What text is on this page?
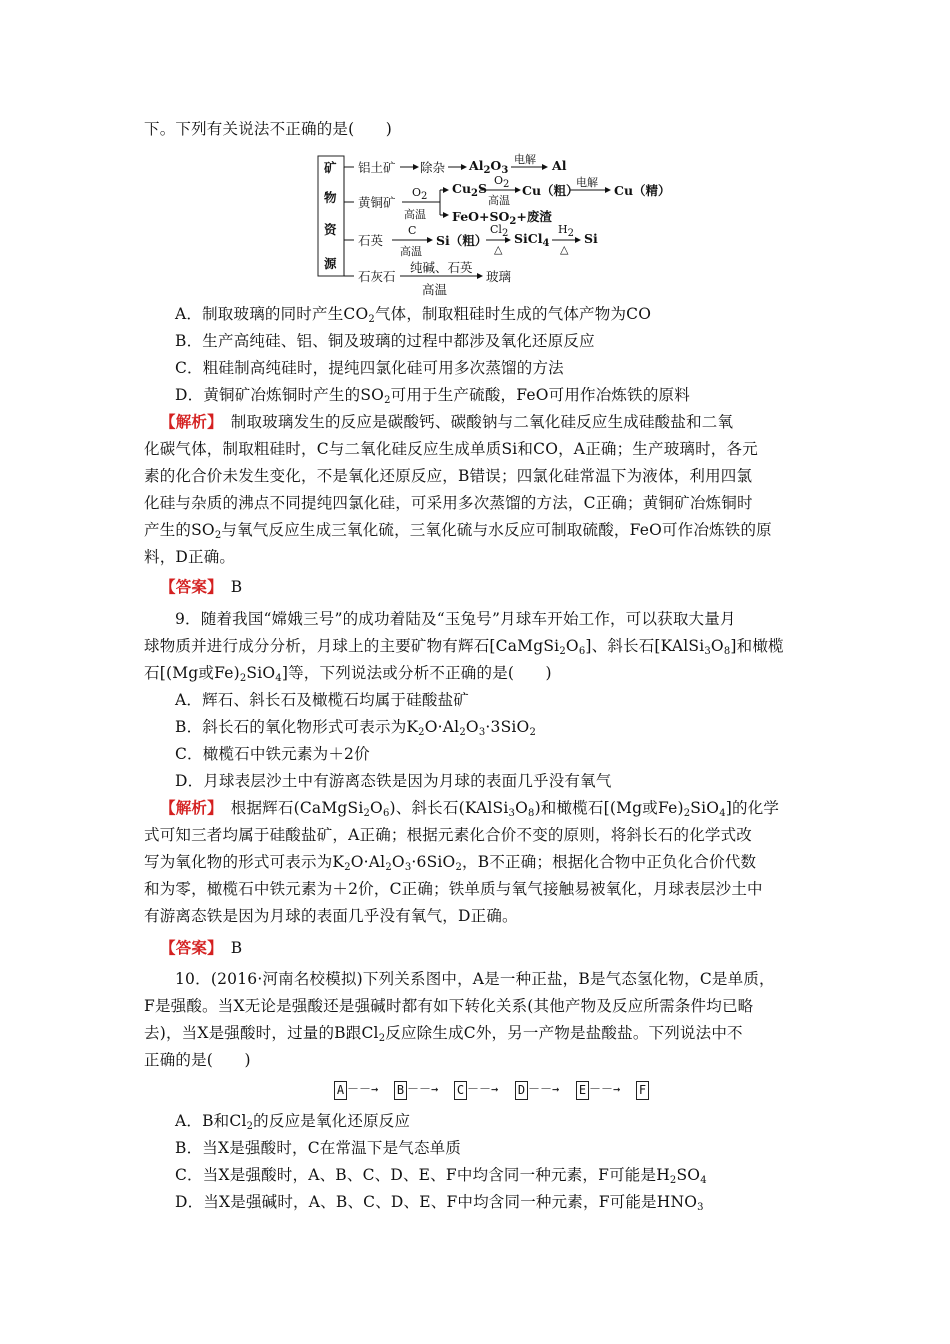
下。下列有关说法不正确的是(　　)
矿
物
资
源
铝土矿 除杂 $Al_2O_3$
电解 Al
黄铜矿
$O_2$
高温
$Cu_2S$
$O_2$
高温
Cu（粗）
电解
Cu（精）
$FeO+SO_2+$废渣
石英
C
高温
Si（粗）
$Cl_2$
△
SiCl$_4$
$H_2$
△
Si
石灰石
纯碱、石英
高温
玻璃
A．制取玻璃的同时产生$CO_2$气体，制取粗硅时生成的气体产物为CO
B．生产高纯硅、铝、铜及玻璃的过程中都涉及氧化还原反应
C．粗硅制高纯硅时，提纯四氯化硅可用多次蒸馏的方法
D．黄铜矿冶炼铜时产生的$SO_2$可用于生产硫酸，FeO可用作冶炼铁的原料
【解析】　 制取玻璃发生的反应是碳酸钙、碳酸钠与二氧化硅反应生成硅酸盐和二氧
化碳气体，制取粗硅时，C与二氧化硅反应生成单质Si和CO，A正确；生产玻璃时，各元
素的化合价未发生变化，不是氧化还原反应，B错误；四氯化硅常温下为液体，利用四氯
化硅与杂质的沸点不同提纯四氯化硅，可采用多次蒸馏的方法，C正确；黄铜矿冶炼铜时
产生的$SO_2$与氧气反应生成三氧化硫，三氧化硫与水反应可制取硫酸，FeO可作冶炼铁的原
料，D正确。
【答案】　 B
9．随着我国“嫦娥三号”的成功着陆及“玉兔号”月球车开始工作，可以获取大量月
球物质并进行成分分析，月球上的主要矿物有辉石$[CaMgSi_2O_6]$、斜长石$[KAlSi_3O_8]$和橄榄
石[(Mg或$Fe)_2SiO_4$]等，下列说法或分析不正确的是(　　)
A．辉石、斜长石及橄榄石均属于硅酸盐矿
B．斜长石的氧化物形式可表示为$K_2O\cdot Al_2O_3\cdot 3SiO_2$
C．橄榄石中铁元素为＋2价
D．月球表层沙土中有游离态铁是因为月球的表面几乎没有氧气
【解析】　 根据辉石$(CaMgSi_2O_6)$、斜长石$(KAlSi_3O_8)$和橄榄石[(Mg或$Fe)_2SiO_4$]的化学
式可知三者均属于硅酸盐矿，A正确；根据元素化合价不变的原则，将斜长石的化学式改
写为氧化物的形式可表示为$K_2O\cdot Al_2O_3\cdot 6SiO_2$，B不正确；根据化合物中正负化合价代数
和为零，橄榄石中铁元素为＋2价，C正确；铁单质与氧气接触易被氧化，月球表层沙土中
有游离态铁是因为月球的表面几乎没有氧气，D正确。
【答案】　 B
10．(2016·河南名校模拟)下列关系图中，A是一种正盐，B是气态氢化物，C是单质，
F是强酸。当X无论是强酸还是强碱时都有如下转化关系(其他产物及反应所需条件均已略
去)，当X是强酸时，过量的B跟$Cl_2$反应除生成C外，另一产物是盐酸盐。下列说法中不
正确的是(　　)
A －－→ B －－→ C －－→ D －－→ E －－→ F
A．B和$Cl_2$的反应是氧化还原反应
B．当X是强酸时，C在常温下是气态单质
C．当X是强酸时，A、B、C、D、E、F中均含同一种元素，F可能是$H_2SO_4$
D．当X是强碱时，A、B、C、D、E、F中均含同一种元素，F可能是$HNO_3$
